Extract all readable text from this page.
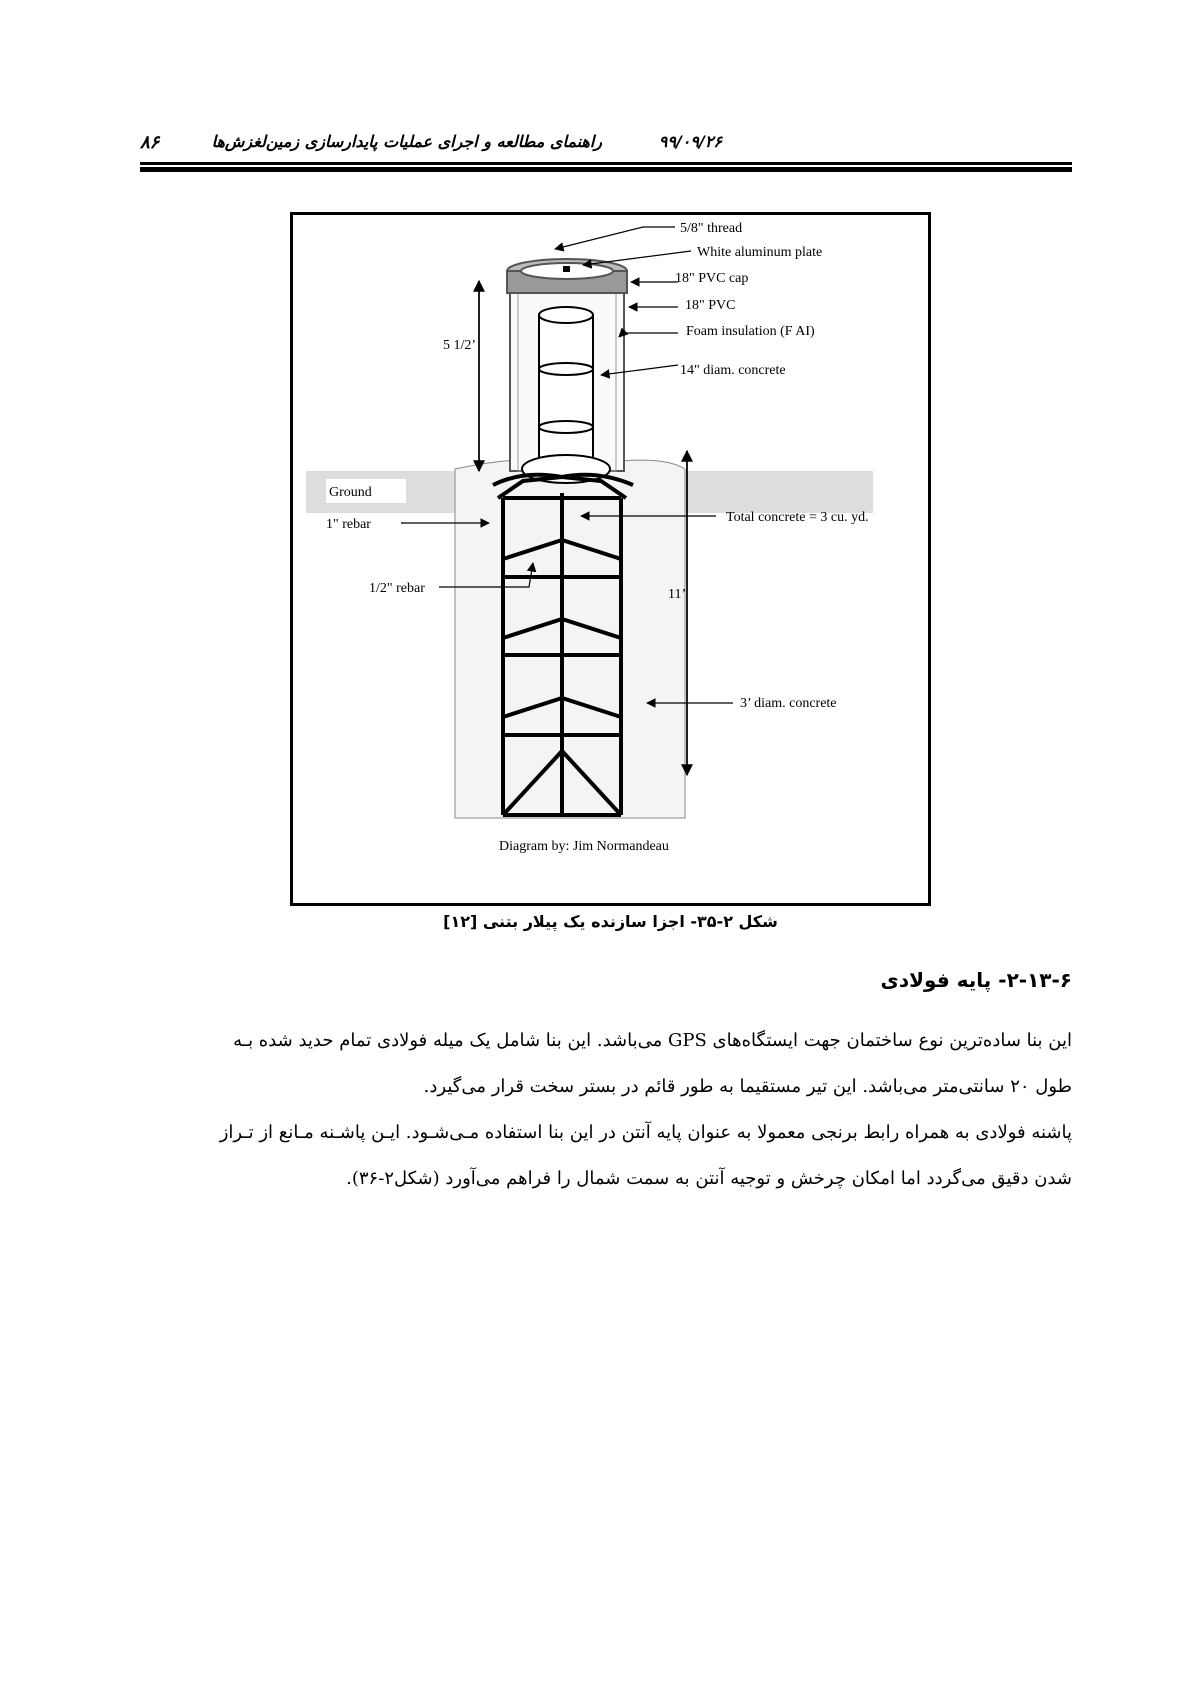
راهنمای مطالعه و اجرای عملیات پایدارسازی زمین‌لغزش‌ها	۹۹/۰۹/۲۶
۸۶
Ground
5/8" thread
White aluminum plate
18" PVC cap
18" PVC
Foam insulation (F AI)
14" diam. concrete
5 1/2’
1" rebar	Total concrete = 3 cu. yd.
1/2" rebar	11’
3’ diam. concrete
Diagram by: Jim Normandeau
شکل ۲-۳۵- اجزا سازنده یک پیلار بتنی [۱۲]
۲-۱۳-۶- پایه فولادی
این بنا ساده‌ترین نوع ساختمان جهت ایستگاه‌های GPS می‌باشد. این بنا شامل یک میله فولادی تمام حدید شده بـه
طول ۲۰ سانتی‌متر می‌باشد. این تیر مستقیما به طور قائم در بستر سخت قرار می‌گیرد.
پاشنه فولادی به همراه رابط برنجی معمولا به عنوان پایه آنتن در این بنا استفاده مـی‌شـود. ایـن پاشـنه مـانع از تـراز
شدن دقیق می‌گردد اما امکان چرخش و توجیه آنتن به سمت شمال را فراهم می‌آورد (شکل۲-۳۶).
